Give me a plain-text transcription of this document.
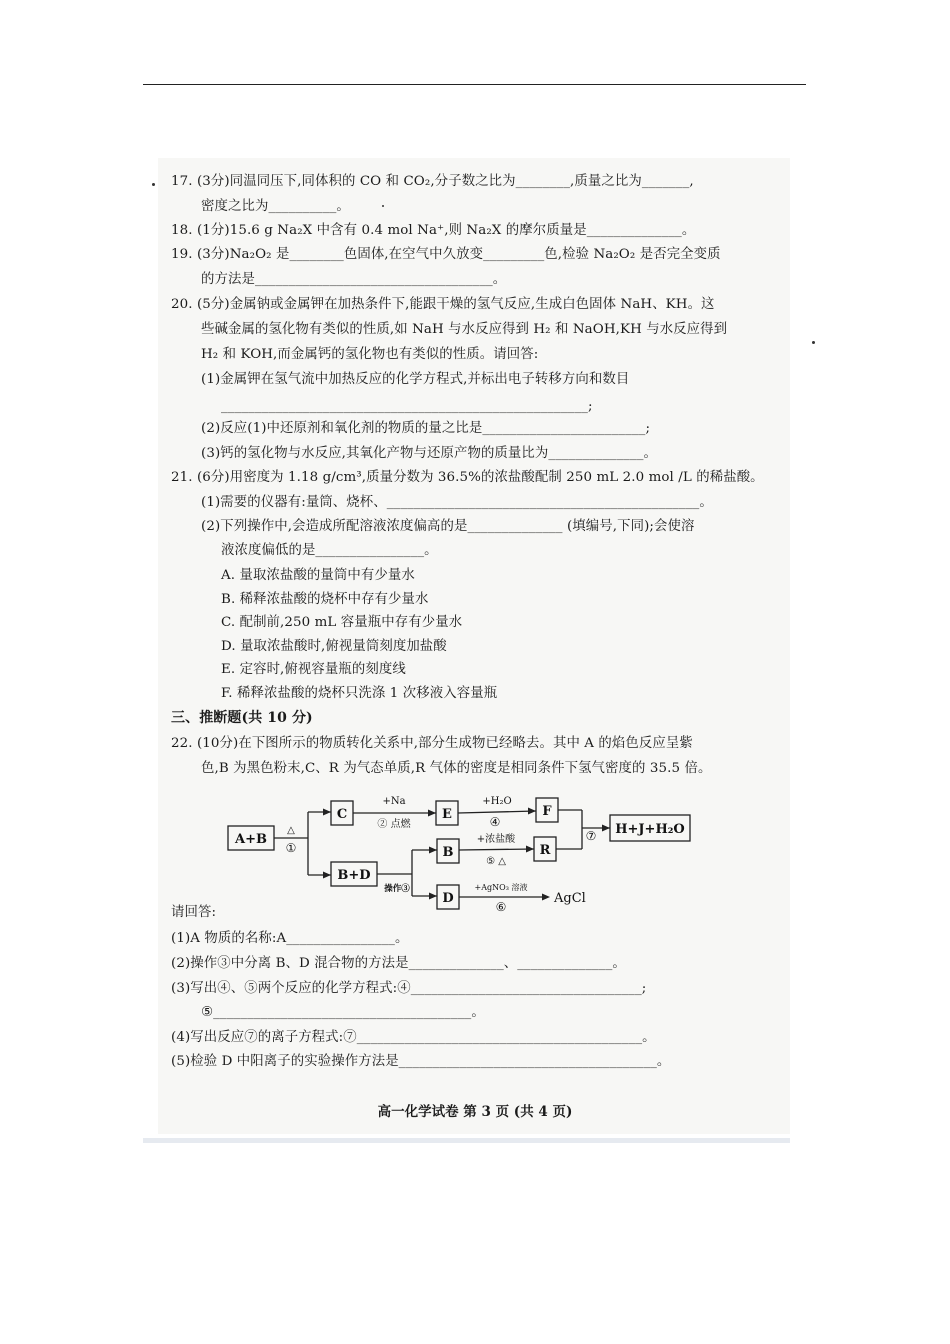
17. (3分)同温同压下,同体积的 CO 和 CO₂,分子数之比为________,质量之比为_______,
密度之比为__________。
18. (1分)15.6 g Na₂X 中含有 0.4 mol Na⁺,则 Na₂X 的摩尔质量是______________。
19. (3分)Na₂O₂ 是________色固体,在空气中久放变_________色,检验 Na₂O₂ 是否完全变质
的方法是___________________________________。
20. (5分)金属钠或金属钾在加热条件下,能跟干燥的氢气反应,生成白色固体 NaH、KH。这
些碱金属的氢化物有类似的性质,如 NaH 与水反应得到 H₂ 和 NaOH,KH 与水反应得到
H₂ 和 KOH,而金属钙的氢化物也有类似的性质。请回答:
(1)金属钾在氢气流中加热反应的化学方程式,并标出电子转移方向和数目
______________________________________________________;
(2)反应(1)中还原剂和氧化剂的物质的量之比是________________________;
(3)钙的氢化物与水反应,其氧化产物与还原产物的质量比为______________。
21. (6分)用密度为 1.18 g/cm³,质量分数为 36.5%的浓盐酸配制 250 mL 2.0 mol /L 的稀盐酸。
(1)需要的仪器有:量筒、烧杯、______________________________________________。
(2)下列操作中,会造成所配溶液浓度偏高的是______________ (填编号,下同);会使溶
液浓度偏低的是________________。
A. 量取浓盐酸的量筒中有少量水
B. 稀释浓盐酸的烧杯中存有少量水
C. 配制前,250 mL 容量瓶中存有少量水
D. 量取浓盐酸时,俯视量筒刻度加盐酸
E. 定容时,俯视容量瓶的刻度线
F. 稀释浓盐酸的烧杯只洗涤 1 次移液入容量瓶
三、推断题(共 10 分)
22. (10分)在下图所示的物质转化关系中,部分生成物已经略去。其中 A 的焰色反应呈紫
色,B 为黑色粉末,C、R 为气态单质,R 气体的密度是相同条件下氢气密度的 35.5 倍。
A+B
C	E	F
H+J+H₂O
B+D
B	R
D
△
①
+Na
② 点燃
+H₂O
④
+浓盐酸
⑤ △
操作③	+AgNO₃ 溶液
⑥
⑦
AgCl
请回答:
(1)A 物质的名称:A________________。
(2)操作③中分离 B、D 混合物的方法是______________、______________。
(3)写出④、⑤两个反应的化学方程式:④__________________________________;
⑤______________________________________。
(4)写出反应⑦的离子方程式:⑦__________________________________________。
(5)检验 D 中阳离子的实验操作方法是______________________________________。
高一化学试卷 第 3 页 (共 4 页)
